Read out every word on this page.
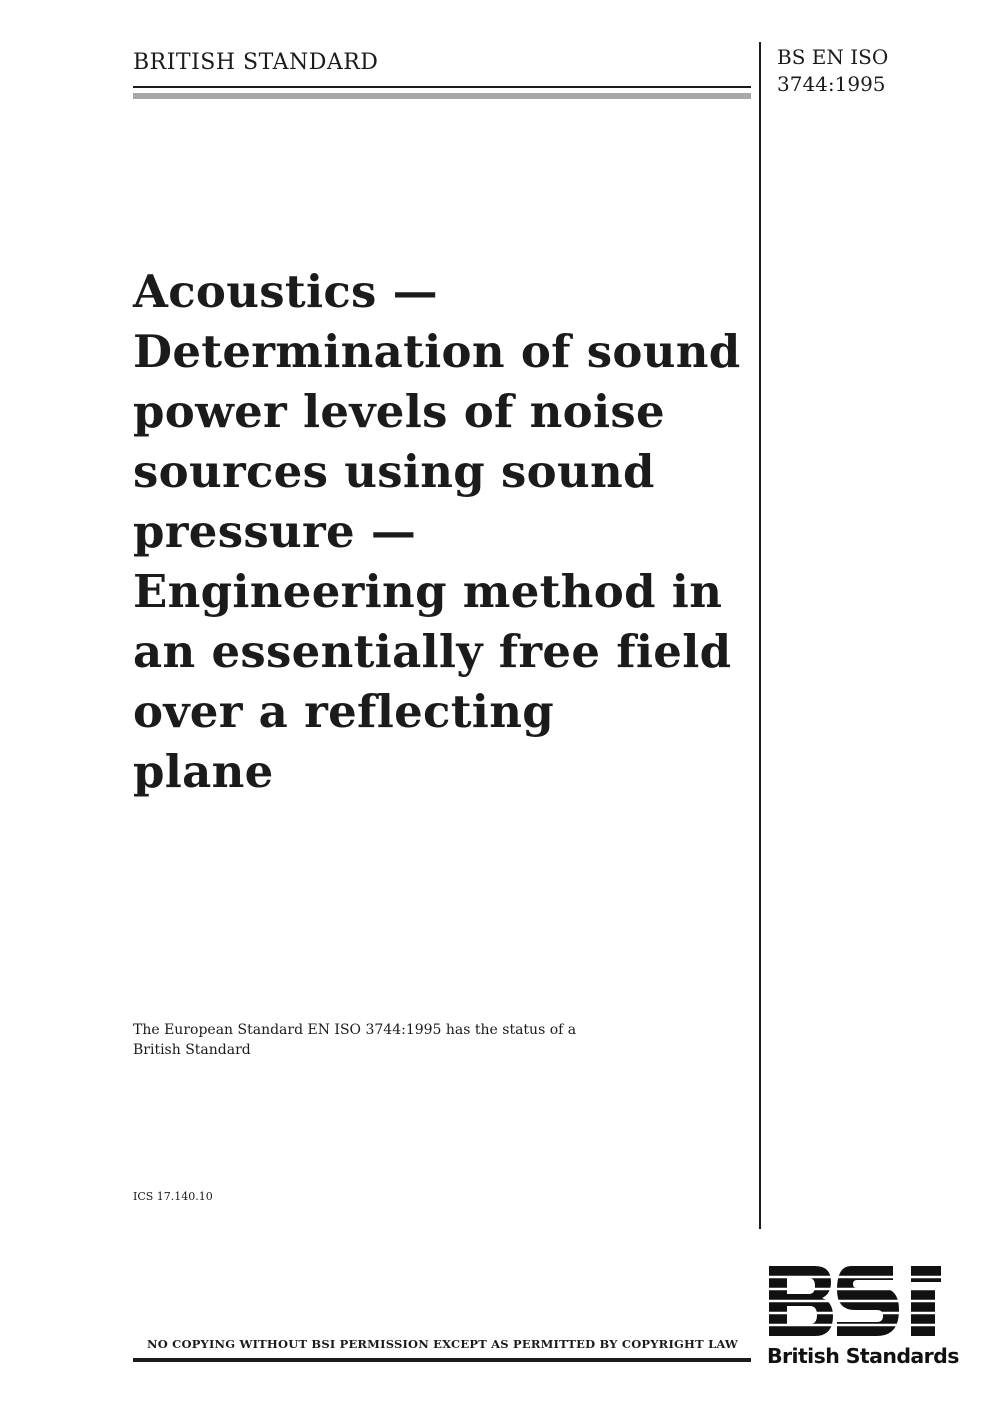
BRITISH STANDARD	BS EN ISO
3744:1995
Acoustics —
Determination of sound
power levels of noise
sources using sound
pressure —
Engineering method in
an essentially free field
over a reflecting
plane
The European Standard EN ISO 3744:1995 has the status of a
British Standard
ICS 17.140.10
NO COPYING WITHOUT BSI PERMISSION EXCEPT AS PERMITTED BY COPYRIGHT LAW British Standards
